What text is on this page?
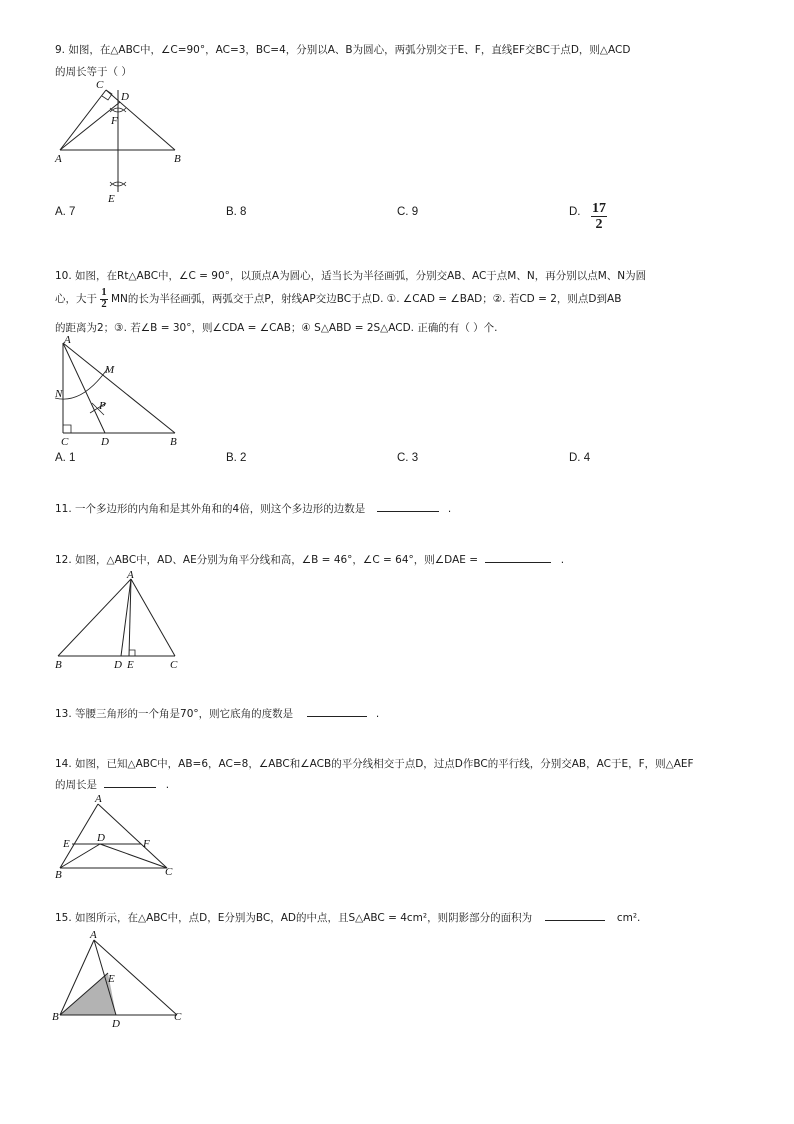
9. 如图，在△ABC中，∠C=90°，AC=3，BC=4，分别以A、B为圆心，两弧分别交于E、F，直线EF交BC于点D，则△ACD
的周长等于（ ）
C
D
F
A	B
E
A. 7	B. 8	C. 9	D. $\frac{17}{2}$
10. 如图，在Rt△ABC中，∠C = 90°，以顶点A为圆心，适当长为半径画弧，分别交AB、AC于点M、N，再分别以点M、N为圆
心，大于 $\frac{1}{2}$ MN的长为半径画弧，两弧交于点P，射线AP交边BC于点D. ①. ∠CAD = ∠BAD；②. 若CD = 2，则点D到AB
的距离为2；③. 若∠B = 30°，则∠CDA = ∠CAB；④ S△ABD = 2S△ACD. 正确的有（ ）个.
A
M
N
P
C	D	B
A. 1	B. 2	C. 3	D. 4
11. 一个多边形的内角和是其外角和的4倍，则这个多边形的边数是	.
12. 如图，△ABC中，AD、AE分别为角平分线和高，∠B = 46°，∠C = 64°，则∠DAE =	.
A
B	D E	C
13. 等腰三角形的一个角是70°，则它底角的度数是	.
14. 如图，已知△ABC中，AB=6，AC=8，∠ABC和∠ACB的平分线相交于点D，过点D作BC的平行线，分别交AB，AC于E，F，则△AEF
的周长是	.
A
D
E	F
B	C
15. 如图所示，在△ABC中，点D，E分别为BC，AD的中点，且S△ABC = 4cm²，则阴影部分的面积为	cm².
A
E
B
D
C
